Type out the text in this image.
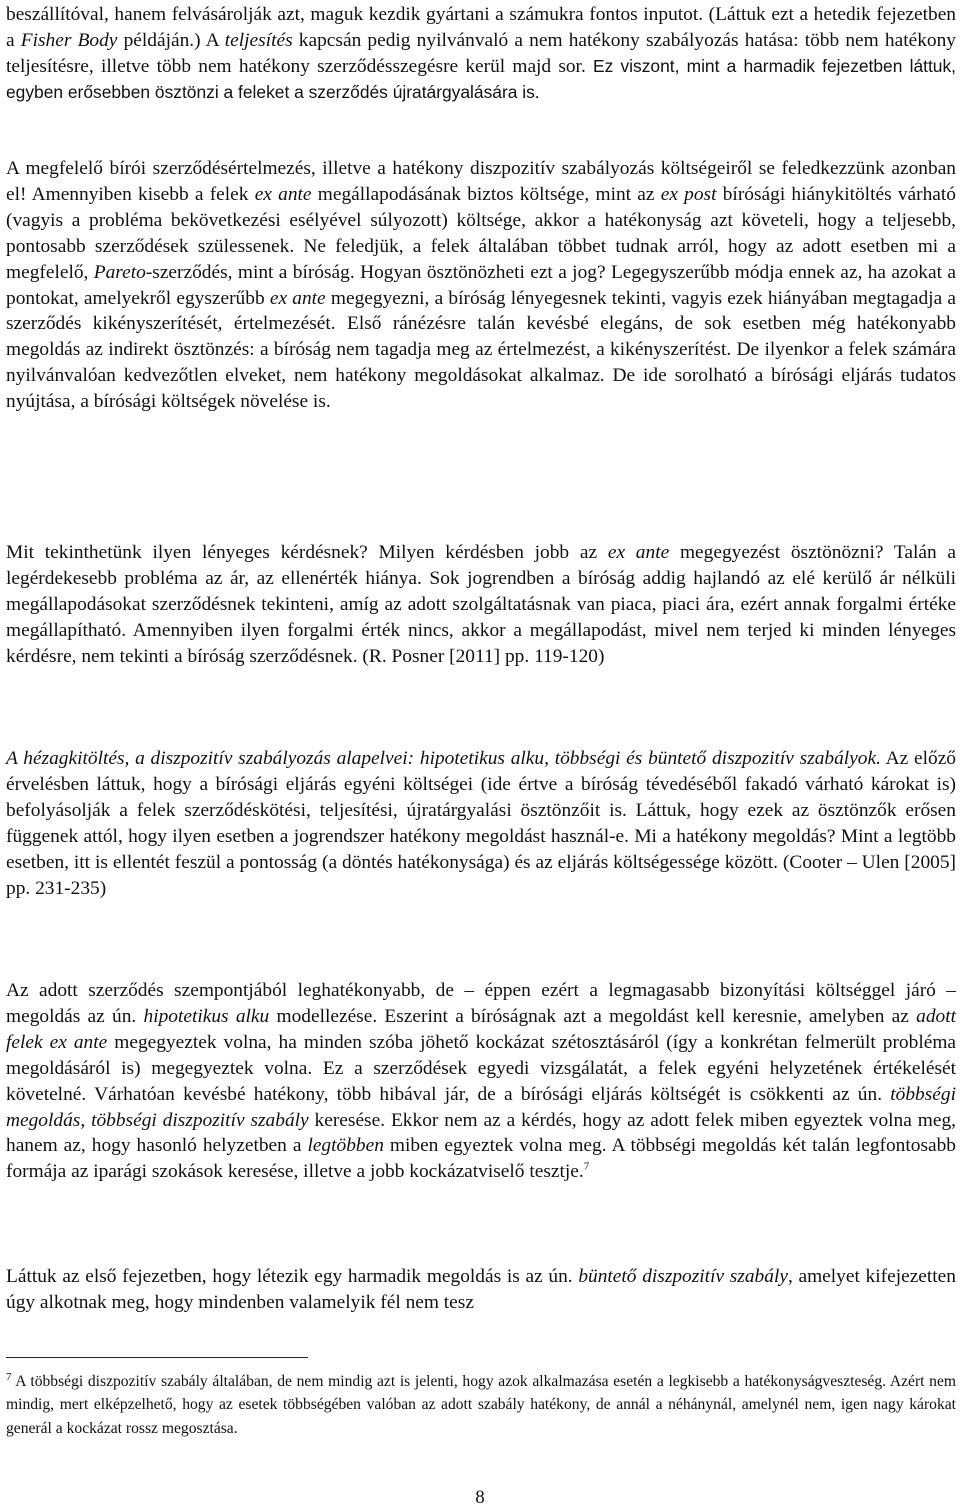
beszállítóval, hanem felvásárolják azt, maguk kezdik gyártani a számukra fontos inputot. (Láttuk ezt a hetedik fejezetben a Fisher Body példáján.) A teljesítés kapcsán pedig nyilvánvaló a nem hatékony szabályozás hatása: több nem hatékony teljesítésre, illetve több nem hatékony szerződésszegésre kerül majd sor. Ez viszont, mint a harmadik fejezetben láttuk, egyben erősebben ösztönzi a feleket a szerződés újratárgyalására is.

A megfelelő bírói szerződésértelmezés, illetve a hatékony diszpozitív szabályozás költségeiről se feledkezzünk azonban el! Amennyiben kisebb a felek ex ante megállapodásának biztos költsége, mint az ex post bírósági hiánykitöltés várható (vagyis a probléma bekövetkezési esélyével súlyozott) költsége, akkor a hatékonyság azt követeli, hogy a teljesebb, pontosabb szerződések szülessenek. Ne feledjük, a felek általában többet tudnak arról, hogy az adott esetben mi a megfelelő, Pareto-szerződés, mint a bíróság. Hogyan ösztönözheti ezt a jog? Legegyszerűbb módja ennek az, ha azokat a pontokat, amelyekről egyszerűbb ex ante megegyezni, a bíróság lényegesnek tekinti, vagyis ezek hiányában megtagadja a szerződés kikényszerítését, értelmezését. Első ránézésre talán kevésbé elegáns, de sok esetben még hatékonyabb megoldás az indirekt ösztönzés: a bíróság nem tagadja meg az értelmezést, a kikényszerítést. De ilyenkor a felek számára nyilvánvalóan kedvezőtlen elveket, nem hatékony megoldásokat alkalmaz. De ide sorolható a bírósági eljárás tudatos nyújtása, a bírósági költségek növelése is.

Mit tekinthetünk ilyen lényeges kérdésnek? Milyen kérdésben jobb az ex ante megegyezést ösztönözni? Talán a legérdekesebb probléma az ár, az ellenérték hiánya. Sok jogrendben a bíróság addig hajlandó az elé kerülő ár nélküli megállapodásokat szerződésnek tekinteni, amíg az adott szolgáltatásnak van piaca, piaci ára, ezért annak forgalmi értéke megállapítható. Amennyiben ilyen forgalmi érték nincs, akkor a megállapodást, mivel nem terjed ki minden lényeges kérdésre, nem tekinti a bíróság szerződésnek. (R. Posner [2011] pp. 119-120)

A hézagkitöltés, a diszpozitív szabályozás alapelvei: hipotetikus alku, többségi és büntető diszpozitív szabályok. Az előző érvelésben láttuk, hogy a bírósági eljárás egyéni költségei (ide értve a bíróság tévedéséből fakadó várható károkat is) befolyásolják a felek szerződéskötési, teljesítési, újratárgyalási ösztönzőit is. Láttuk, hogy ezek az ösztönzők erősen függenek attól, hogy ilyen esetben a jogrendszer hatékony megoldást használ-e. Mi a hatékony megoldás? Mint a legtöbb esetben, itt is ellentét feszül a pontosság (a döntés hatékonysága) és az eljárás költségessége között. (Cooter – Ulen [2005] pp. 231-235)

Az adott szerződés szempontjából leghatékonyabb, de – éppen ezért a legmagasabb bizonyítási költséggel járó – megoldás az ún. hipotetikus alku modellezése. Eszerint a bíróságnak azt a megoldást kell keresnie, amelyben az adott felek ex ante megegyeztek volna, ha minden szóba jöhető kockázat szétosztásáról (így a konkrétan felmerült probléma megoldásáról is) megegyeztek volna. Ez a szerződések egyedi vizsgálatát, a felek egyéni helyzetének értékelését követelné. Várhatóan kevésbé hatékony, több hibával jár, de a bírósági eljárás költségét is csökkenti az ún. többségi megoldás, többségi diszpozitív szabály keresése. Ekkor nem az a kérdés, hogy az adott felek miben egyeztek volna meg, hanem az, hogy hasonló helyzetben a legtöbben miben egyeztek volna meg. A többségi megoldás két talán legfontosabb formája az iparági szokások keresése, illetve a jobb kockázatviselő tesztje.$^7$

Láttuk az első fejezetben, hogy létezik egy harmadik megoldás is az ún. büntető diszpozitív szabály, amelyet kifejezetten úgy alkotnak meg, hogy mindenben valamelyik fél nem tesz

$^7$ A többségi diszpozitív szabály általában, de nem mindig azt is jelenti, hogy azok alkalmazása esetén a legkisebb a hatékonyságveszteség. Azért nem mindig, mert elképzelhető, hogy az esetek többségében valóban az adott szabály hatékony, de annál a néhánynál, amelynél nem, igen nagy károkat generál a kockázat rossz megosztása.

8
